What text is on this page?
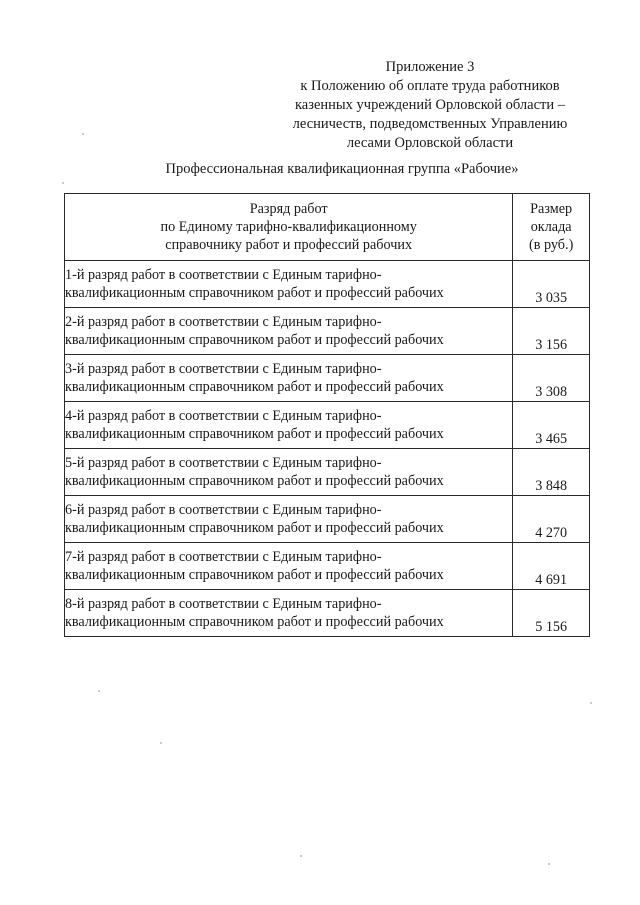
Приложение 3
к Положению об оплате труда работников
казенных учреждений Орловской области –
лесничеств, подведомственных Управлению
лесами Орловской области
Профессиональная квалификационная группа «Рабочие»
Разряд работ
по Единому тарифно-квалификационному
справочнику работ и профессий рабочих	Размер
оклада
(в руб.)

1-й разряд работ в соответствии с Единым тарифно-
квалификационным справочником работ и профессий рабочих	3 035

2-й разряд работ в соответствии с Единым тарифно-
квалификационным справочником работ и профессий рабочих	3 156

3-й разряд работ в соответствии с Единым тарифно-
квалификационным справочником работ и профессий рабочих	3 308

4-й разряд работ в соответствии с Единым тарифно-
квалификационным справочником работ и профессий рабочих	3 465

5-й разряд работ в соответствии с Единым тарифно-
квалификационным справочником работ и профессий рабочих	3 848

6-й разряд работ в соответствии с Единым тарифно-
квалификационным справочником работ и профессий рабочих	4 270

7-й разряд работ в соответствии с Единым тарифно-
квалификационным справочником работ и профессий рабочих	4 691

8-й разряд работ в соответствии с Единым тарифно-
квалификационным справочником работ и профессий рабочих	5 156
